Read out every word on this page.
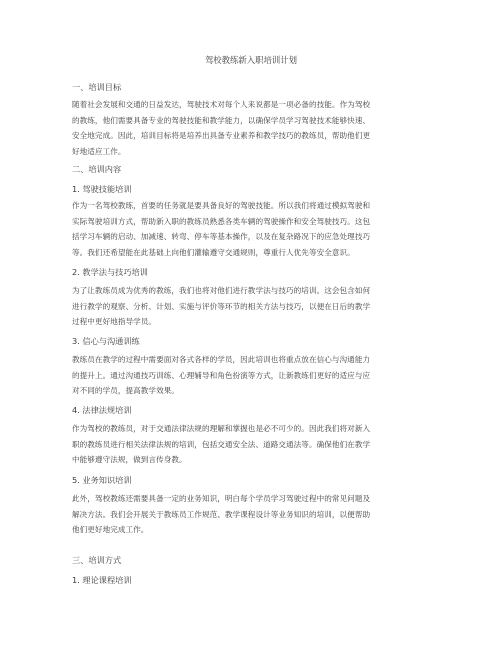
驾校教练新入职培训计划
一、培训目标
随着社会发展和交通的日益发达，驾驶技术对每个人来说都是一项必备的技能。作为驾校
的教练，他们需要具备专业的驾驶技能和教学能力，以确保学员学习驾驶技术能够快速、
安全地完成。因此，培训目标将是培养出具备专业素养和教学技巧的教练员，帮助他们更
好地适应工作。
二、培训内容
1. 驾驶技能培训
作为一名驾校教练，首要的任务就是要具备良好的驾驶技能。所以我们将通过模拟驾驶和
实际驾驶培训方式，帮助新入职的教练员熟悉各类车辆的驾驶操作和安全驾驶技巧。这包
括学习车辆的启动、加减速、转弯、停车等基本操作，以及在复杂路况下的应急处理技巧
等。我们还希望能在此基础上向他们灌输遵守交通规则，尊重行人优先等安全意识。
2. 教学法与技巧培训
为了让教练员成为优秀的教练，我们也将对他们进行教学法与技巧的培训。这会包含如何
进行教学的观察、分析、计划、实施与评价等环节的相关方法与技巧，以便在日后的教学
过程中更好地指导学员。
3. 信心与沟通训练
教练员在教学的过程中需要面对各式各样的学员，因此培训也将重点放在信心与沟通能力
的提升上。通过沟通技巧训练、心理辅导和角色扮演等方式，让新教练们更好的适应与应
对不同的学员，提高教学效果。
4. 法律法规培训
作为驾校的教练员，对于交通法律法规的理解和掌握也是必不可少的。因此我们将对新入
职的教练员进行相关法律法规的培训，包括交通安全法、道路交通法等。确保他们在教学
中能够遵守法规，做到言传身教。
5. 业务知识培训
此外，驾校教练还需要具备一定的业务知识，明白每个学员学习驾驶过程中的常见问题及
解决方法。我们会开展关于教练员工作规范、教学课程设计等业务知识的培训，以便帮助
他们更好地完成工作。
三、培训方式
1. 理论课程培训
